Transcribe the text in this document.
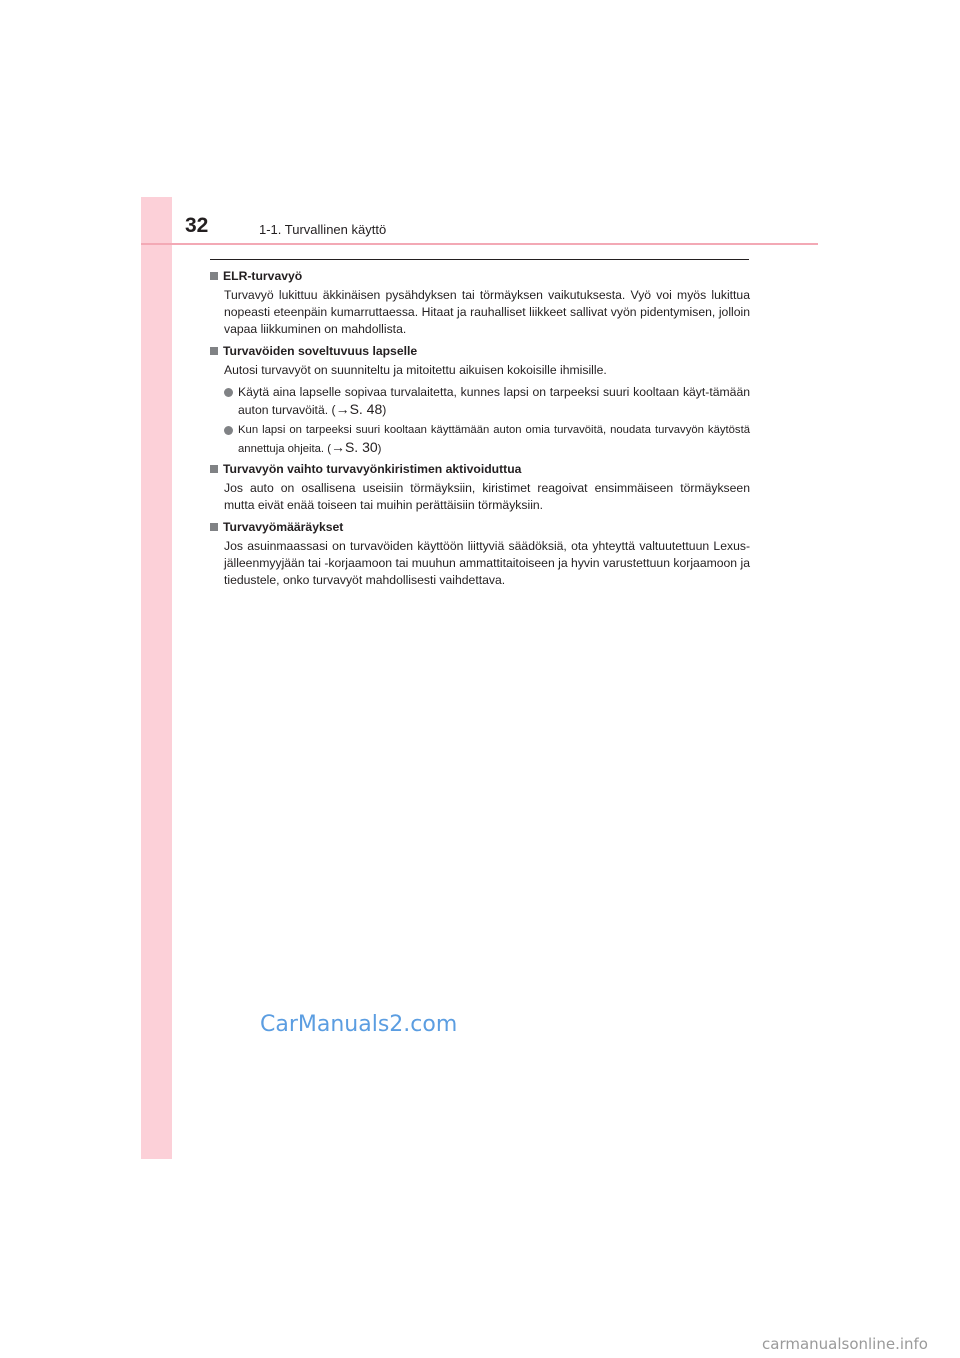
32	1-1. Turvallinen käyttö

ELR-turvavyö

Turvavyö lukittuu äkkinäisen pysähdyksen tai törmäyksen vaikutuksesta. Vyö voi myös lukittua nopeasti eteenpäin kumarruttaessa. Hitaat ja rauhalliset liikkeet sallivat vyön pidentymisen, jolloin vapaa liikkuminen on mahdollista.

Turvavöiden soveltuvuus lapselle

Autosi turvavyöt on suunniteltu ja mitoitettu aikuisen kokoisille ihmisille.

Käytä aina lapselle sopivaa turvalaitetta, kunnes lapsi on tarpeeksi suuri kooltaan käyt-tämään auton turvavöitä. (→S. 48)

Kun lapsi on tarpeeksi suuri kooltaan käyttämään auton omia turvavöitä, noudata turvavyön käytöstä annettuja ohjeita. (→S. 30)

Turvavyön vaihto turvavyönkiristimen aktivoiduttua

Jos auto on osallisena useisiin törmäyksiin, kiristimet reagoivat ensimmäiseen törmäykseen mutta eivät enää toiseen tai muihin perättäisiin törmäyksiin.

Turvavyömääräykset

Jos asuinmaassasi on turvavöiden käyttöön liittyviä säädöksiä, ota yhteyttä valtuutettuun Lexus-jälleenmyyjään tai -korjaamoon tai muuhun ammattitaitoiseen ja hyvin varustettuun korjaamoon ja tiedustele, onko turvavyöt mahdollisesti vaihdettava.

CarManuals2.com
carmanualsonline.info
